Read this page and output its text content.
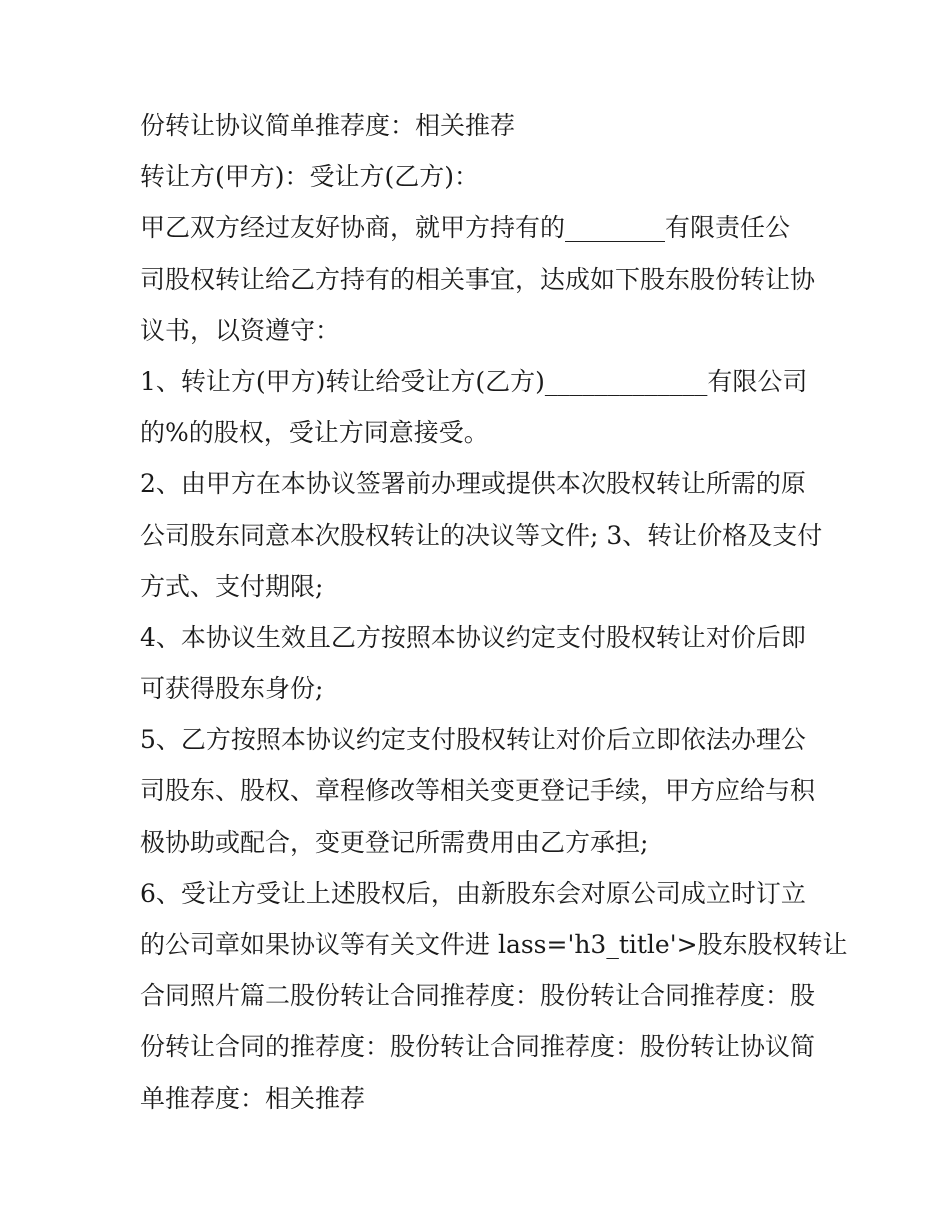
份转让协议简单推荐度：相关推荐
转让方(甲方)：受让方(乙方)：
甲乙双方经过友好协商，就甲方持有的________有限责任公
司股权转让给乙方持有的相关事宜，达成如下股东股份转让协
议书，以资遵守：
1、转让方(甲方)转让给受让方(乙方)_____________有限公司
的%的股权，受让方同意接受。
2、由甲方在本协议签署前办理或提供本次股权转让所需的原
公司股东同意本次股权转让的决议等文件; 3、转让价格及支付
方式、支付期限;
4、本协议生效且乙方按照本协议约定支付股权转让对价后即
可获得股东身份;
5、乙方按照本协议约定支付股权转让对价后立即依法办理公
司股东、股权、章程修改等相关变更登记手续，甲方应给与积
极协助或配合，变更登记所需费用由乙方承担;
6、受让方受让上述股权后，由新股东会对原公司成立时订立
的公司章如果协议等有关文件进 lass='h3_title'>股东股权转让
合同照片篇二股份转让合同推荐度：股份转让合同推荐度：股
份转让合同的推荐度：股份转让合同推荐度：股份转让协议简
单推荐度：相关推荐
